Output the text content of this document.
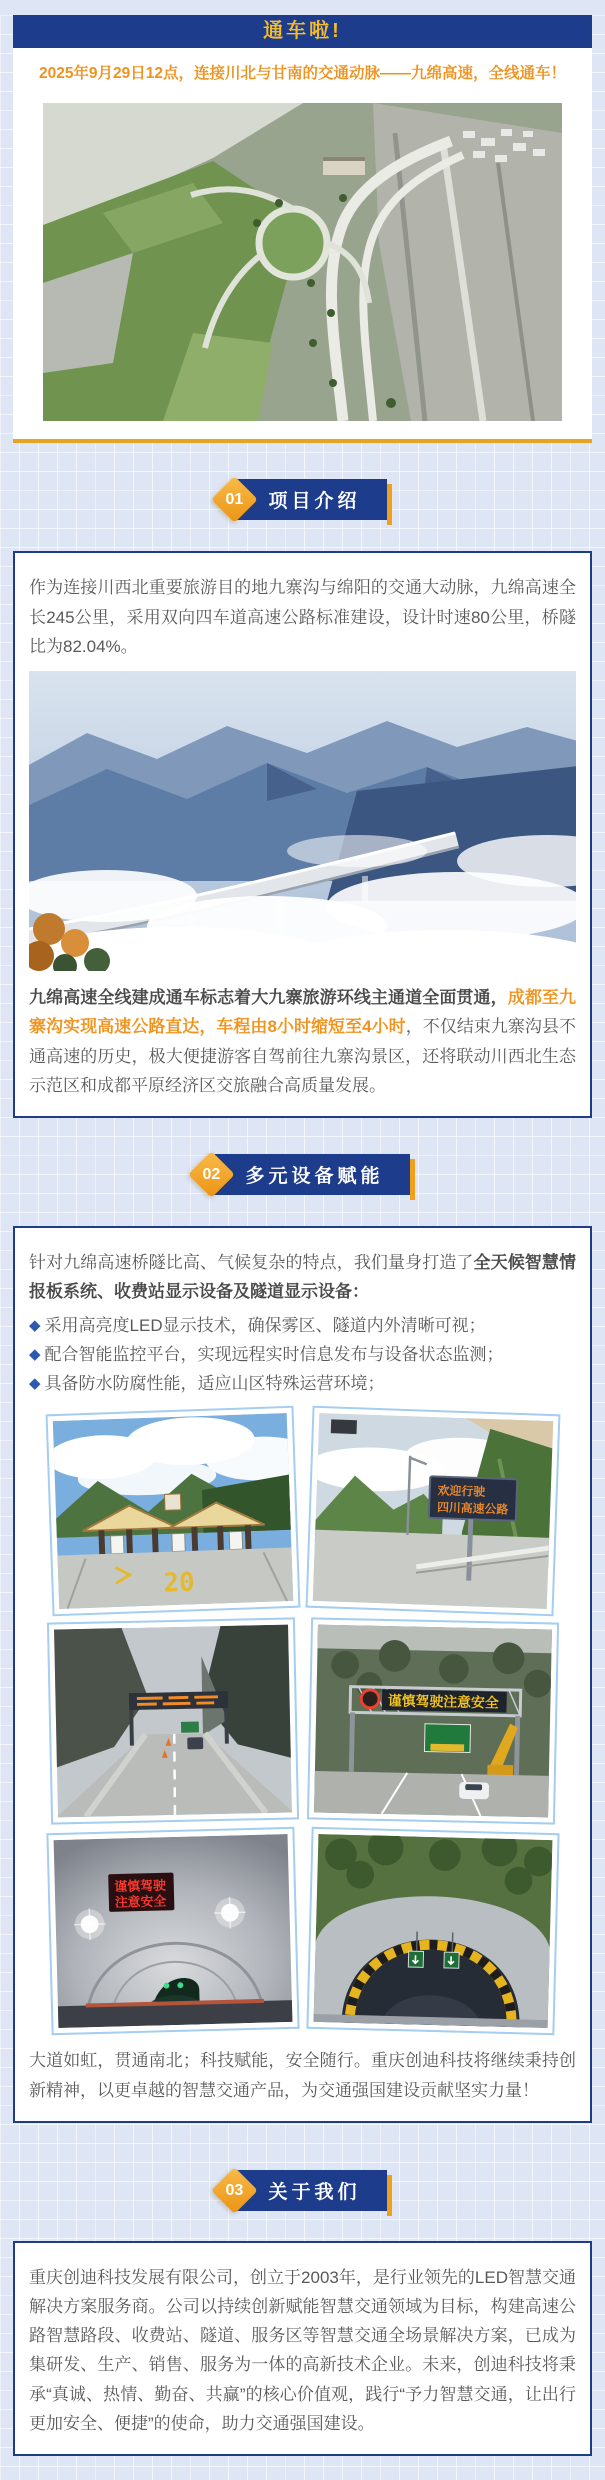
通车啦!
2025年9月29日12点，连接川北与甘南的交通动脉——九绵高速，全线通车！
01	项目介绍

作为连接川西北重要旅游目的地九寨沟与绵阳的交通大动脉，九绵高速全长245公里，采用双向四车道高速公路标准建设，设计时速80公里，桥隧比为82.04%。

九绵高速全线建成通车标志着大九寨旅游环线主通道全面贯通，成都至九寨沟实现高速公路直达，车程由8小时缩短至4小时，不仅结束九寨沟县不通高速的历史，极大便捷游客自驾前往九寨沟景区，还将联动川西北生态示范区和成都平原经济区交旅融合高质量发展。

02	多元设备赋能

针对九绵高速桥隧比高、气候复杂的特点，我们量身打造了全天候智慧情报板系统、收费站显示设备及隧道显示设备：

◆ 采用高亮度LED显示技术，确保雾区、隧道内外清晰可视；
◆ 配合智能监控平台，实现远程实时信息发布与设备状态监测；
◆ 具备防水防腐性能，适应山区特殊运营环境；
20
欢迎行驶
四川高速公路
谨慎驾驶注意安全
谨慎驾驶
注意安全

大道如虹，贯通南北；科技赋能，安全随行。重庆创迪科技将继续秉持创新精神，以更卓越的智慧交通产品，为交通强国建设贡献坚实力量！

03	关于我们

重庆创迪科技发展有限公司，创立于2003年，是行业领先的LED智慧交通解决方案服务商。公司以持续创新赋能智慧交通领域为目标，构建高速公路智慧路段、收费站、隧道、服务区等智慧交通全场景解决方案，已成为集研发、生产、销售、服务为一体的高新技术企业。未来，创迪科技将秉承“真诚、热情、勤奋、共赢”的核心价值观，践行“予力智慧交通，让出行更加安全、便捷”的使命，助力交通强国建设。
